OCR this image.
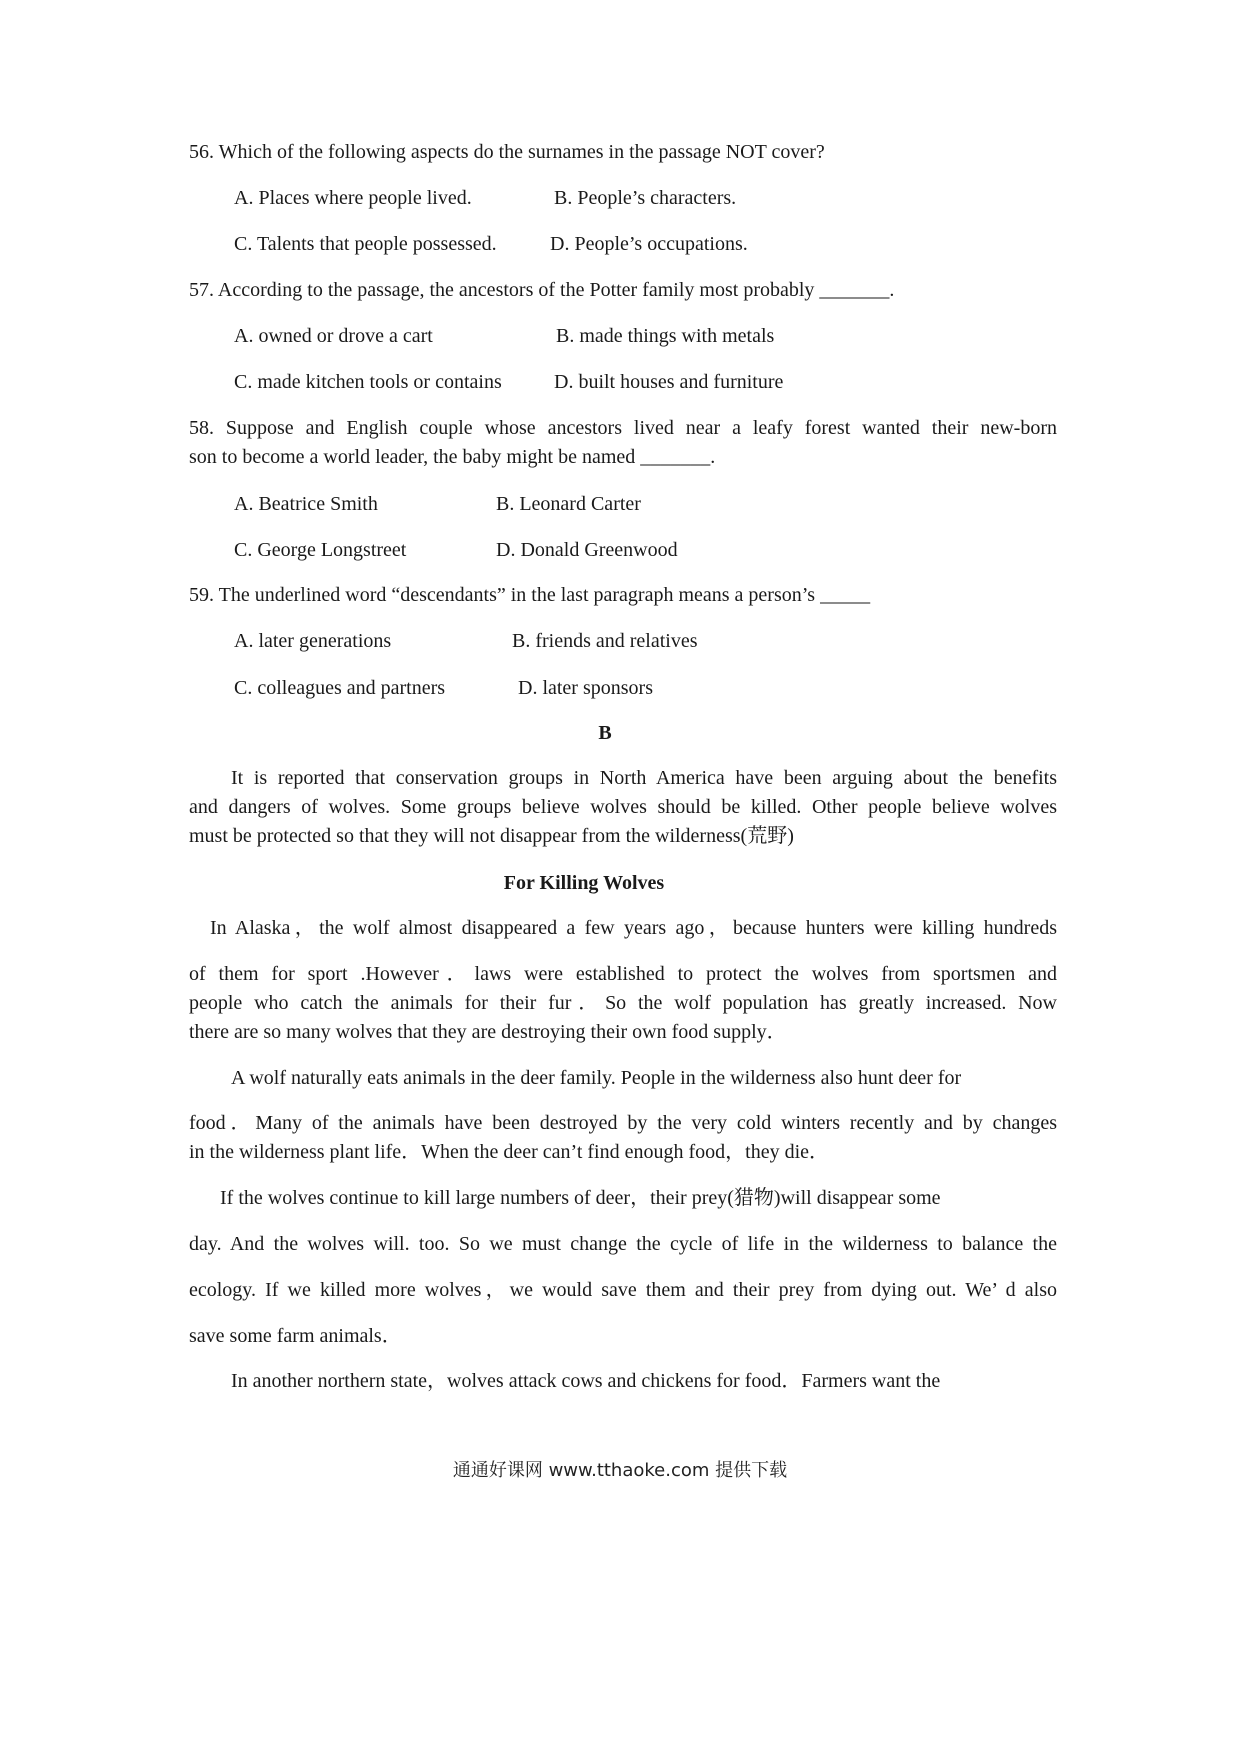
56. Which of the following aspects do the surnames in the passage NOT cover?
A. Places where people lived.	B. People’s characters.
C. Talents that people possessed.	D. People’s occupations.
57. According to the passage, the ancestors of the Potter family most probably _______.
A. owned or drove a cart	B. made things with metals
C. made kitchen tools or contains	D. built houses and furniture
58. Suppose and English couple whose ancestors lived near a leafy forest wanted their new-born
son to become a world leader, the baby might be named _______.
A. Beatrice Smith	B. Leonard Carter
C. George Longstreet	D. Donald Greenwood
59. The underlined word “descendants” in the last paragraph means a person’s _____
A. later generations	B. friends and relatives
C. colleagues and partners	D. later sponsors
B
It is reported that conservation groups in North America have been arguing about the benefits
and dangers of wolves. Some groups believe wolves should be killed. Other people believe wolves
must be protected so that they will not disappear from the wilderness(荒野)
For Killing Wolves
In Alaska，the wolf almost disappeared a few years ago，because hunters were killing hundreds
of them for sport .However．laws were established to protect the wolves from sportsmen and
people who catch the animals for their fur．So the wolf population has greatly increased. Now
there are so many wolves that they are destroying their own food supply．
A wolf naturally eats animals in the deer family. People in the wilderness also hunt deer for
food．Many of the animals have been destroyed by the very cold winters recently and by changes
in the wilderness plant life．When the deer can’t find enough food，they die．
If the wolves continue to kill large numbers of deer，their prey(猎物)will disappear some
day. And the wolves will. too. So we must change the cycle of life in the wilderness to balance the
ecology. If we killed more wolves，we would save them and their prey from dying out. We’ d also
save some farm animals．
In another northern state，wolves attack cows and chickens for food．Farmers want the
通通好课网 www.tthaoke.com 提供下载
